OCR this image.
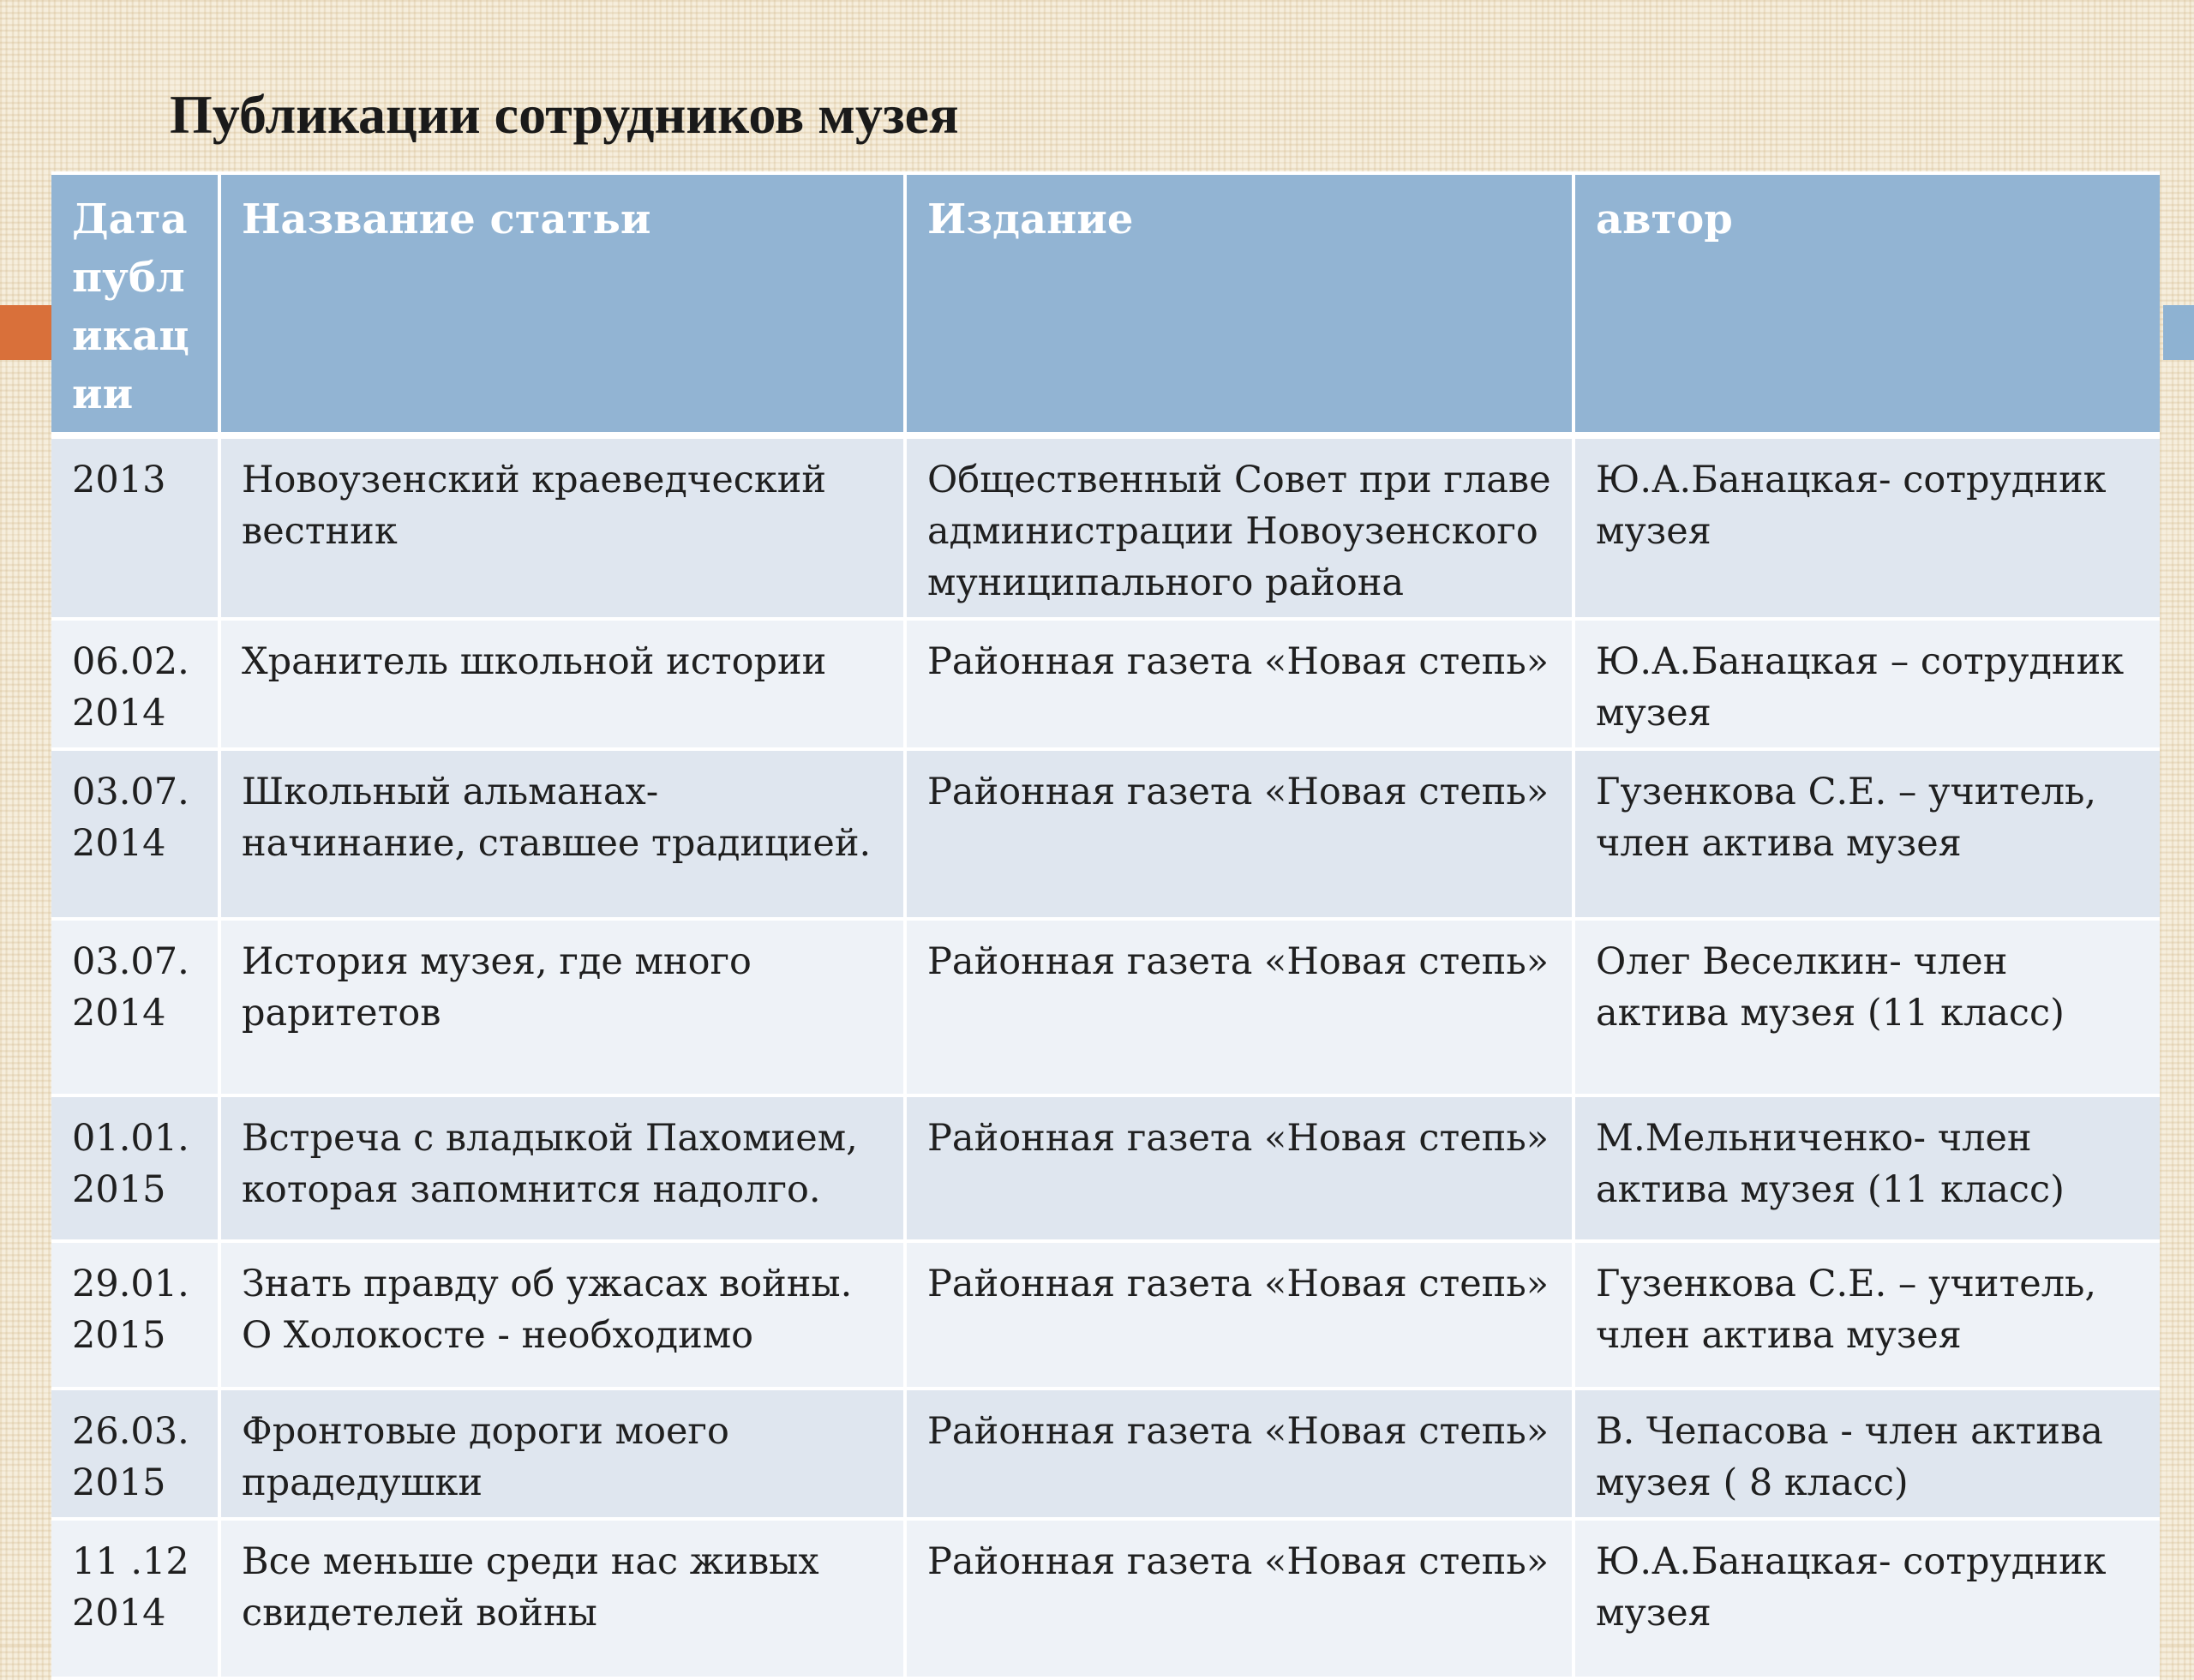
Публикации сотрудников музея
Дата публикации	Название статьи	Издание	автор

2013	Новоузенский краеведческий вестник	Общественный Совет при главе администрации Новоузенского муниципального района	Ю.А.Банацкая- сотрудник музея

06.02. 2014	Хранитель школьной истории	Районная газета «Новая степь»	Ю.А.Банацкая – сотрудник музея

03.07. 2014	Школьный альманах- начинание, ставшее традицией.	Районная газета «Новая степь»	Гузенкова С.Е. – учитель, член актива музея

03.07. 2014	История музея, где много раритетов	Районная газета «Новая степь»	Олег Веселкин- член актива музея (11 класс)

01.01. 2015	Встреча с владыкой Пахомием, которая запомнится надолго.	Районная газета «Новая степь»	М.Мельниченко- член актива музея (11 класс)

29.01. 2015	Знать правду об ужасах войны. О Холокосте - необходимо	Районная газета «Новая степь»	Гузенкова С.Е. – учитель, член актива музея

26.03. 2015	Фронтовые дороги моего прадедушки	Районная газета «Новая степь»	В. Чепасова - член актива музея ( 8 класс)

11 .12 2014	Все меньше среди нас живых свидетелей войны	Районная газета «Новая степь»	Ю.А.Банацкая- сотрудник музея
